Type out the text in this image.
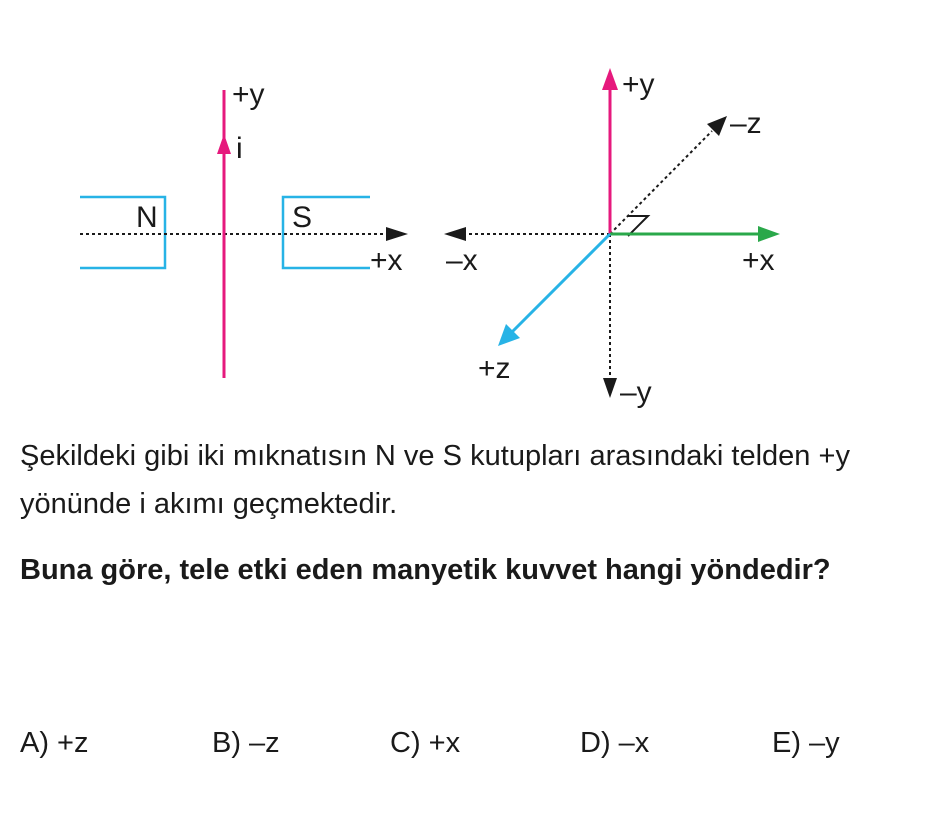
N	S
+x
+y
i
–x
–y
–z
+y
+x
+z

Şekildeki gibi iki mıknatısın N ve S kutupları arasındaki telden +y yönünde i akımı geçmektedir.

Buna göre, tele etki eden manyetik kuvvet hangi yöndedir?

A) +z	B) –z	C) +x	D) –x	E) –y
